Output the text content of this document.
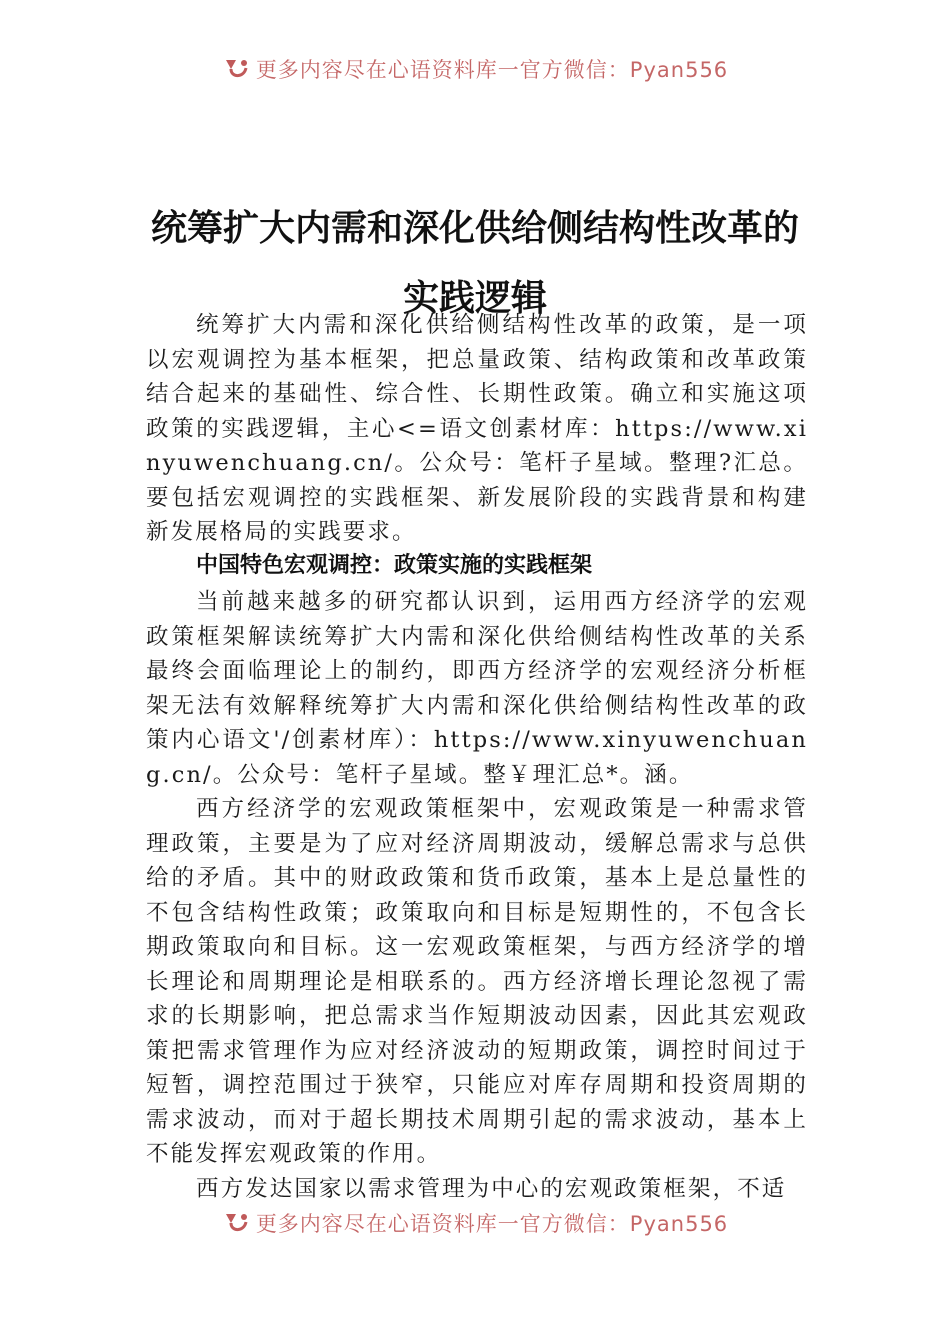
更多内容尽在心语资料库一官方微信：Pyan556
统筹扩大内需和深化供给侧结构性改革的
实践逻辑

统筹扩大内需和深化供给侧结构性改革的政策，是一项以宏观调控为基本框架，把总量政策、结构政策和改革政策结合起来的基础性、综合性、长期性政策。确立和实施这项政策的实践逻辑，主心<=语文创素材库：https://www.xinyuwenchuang.cn/。公众号：笔杆子星域。整理?汇总。要包括宏观调控的实践框架、新发展阶段的实践背景和构建新发展格局的实践要求。

中国特色宏观调控：政策实施的实践框架

当前越来越多的研究都认识到，运用西方经济学的宏观政策框架解读统筹扩大内需和深化供给侧结构性改革的关系最终会面临理论上的制约，即西方经济学的宏观经济分析框架无法有效解释统筹扩大内需和深化供给侧结构性改革的政策内心语文'/创素材库）：https://www.xinyuwenchuang.cn/。公众号：笔杆子星域。整￥理汇总*。涵。

西方经济学的宏观政策框架中，宏观政策是一种需求管理政策，主要是为了应对经济周期波动，缓解总需求与总供给的矛盾。其中的财政政策和货币政策，基本上是总量性的不包含结构性政策；政策取向和目标是短期性的，不包含长期政策取向和目标。这一宏观政策框架，与西方经济学的增长理论和周期理论是相联系的。西方经济增长理论忽视了需求的长期影响，把总需求当作短期波动因素，因此其宏观政策把需求管理作为应对经济波动的短期政策，调控时间过于短暂，调控范围过于狭窄，只能应对库存周期和投资周期的需求波动，而对于超长期技术周期引起的需求波动，基本上不能发挥宏观政策的作用。

西方发达国家以需求管理为中心的宏观政策框架，不适

更多内容尽在心语资料库一官方微信：Pyan556
